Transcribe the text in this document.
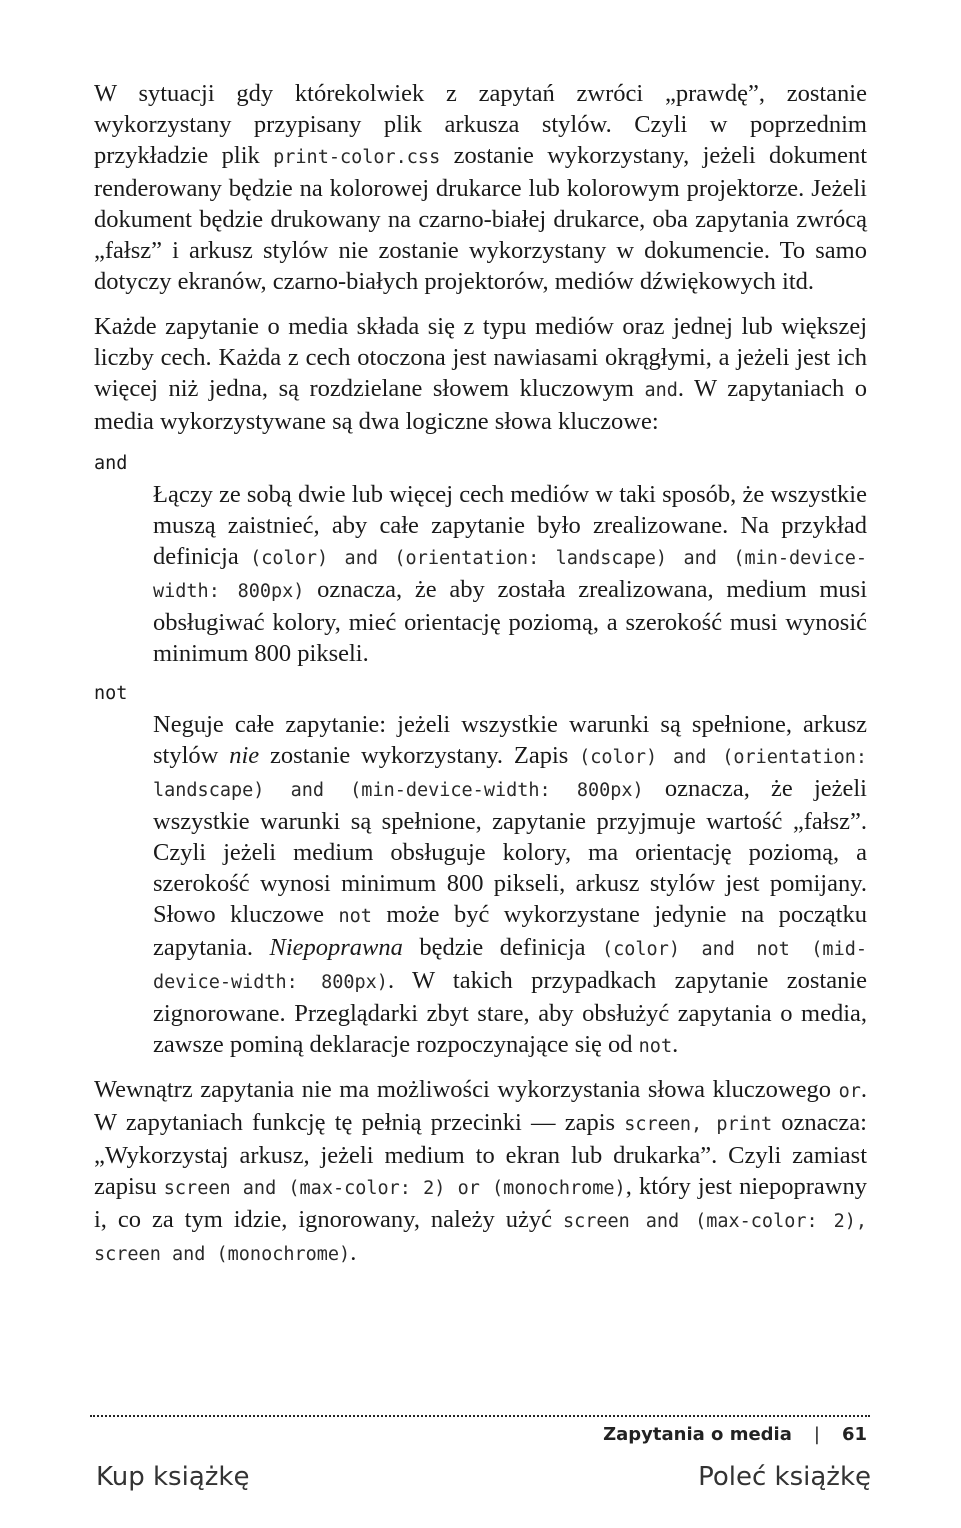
W sytuacji gdy którekolwiek z zapytań zwróci „prawdę”, zostanie wykorzystany przypisany plik arkusza stylów. Czyli w poprzednim przykładzie plik print-color.css zostanie wykorzystany, jeżeli dokument renderowany będzie na kolorowej drukarce lub kolorowym projektorze. Jeżeli dokument będzie drukowany na czarno-białej drukarce, oba zapytania zwrócą „fałsz” i arkusz stylów nie zostanie wykorzystany w dokumencie. To samo dotyczy ekranów, czarno-białych projektorów, mediów dźwiękowych itd.

Każde zapytanie o media składa się z typu mediów oraz jednej lub większej liczby cech. Każda z cech otoczona jest nawiasami okrągłymi, a jeżeli jest ich więcej niż jedna, są rozdzielane słowem kluczowym and. W zapytaniach o media wykorzystywane są dwa logiczne słowa kluczowe:

and

Łączy ze sobą dwie lub więcej cech mediów w taki sposób, że wszystkie muszą zaistnieć, aby całe zapytanie było zrealizowane. Na przykład definicja (color) and (orientation: landscape) and (min-device-width: 800px) oznacza, że aby została zrealizowana, medium musi obsługiwać kolory, mieć orientację poziomą, a szerokość musi wynosić minimum 800 pikseli.

not

Neguje całe zapytanie: jeżeli wszystkie warunki są spełnione, arkusz stylów nie zostanie wykorzystany. Zapis (color) and (orientation: landscape) and (min-device-width: 800px) oznacza, że jeżeli wszystkie warunki są spełnione, zapytanie przyjmuje wartość „fałsz”. Czyli jeżeli medium obsługuje kolory, ma orientację poziomą, a szerokość wynosi minimum 800 pikseli, arkusz stylów jest pomijany. Słowo kluczowe not może być wykorzystane jedynie na początku zapytania. Niepoprawna będzie definicja (color) and not (mid-device-width: 800px). W takich przypadkach zapytanie zostanie zignorowane. Przeglądarki zbyt stare, aby obsłużyć zapytania o media, zawsze pominą deklaracje rozpoczynające się od not.

Wewnątrz zapytania nie ma możliwości wykorzystania słowa kluczowego or. W zapytaniach funkcję tę pełnią przecinki — zapis screen, print oznacza: „Wykorzystaj arkusz, jeżeli medium to ekran lub drukarka”. Czyli zamiast zapisu screen and (max-color: 2) or (monochrome), który jest niepoprawny i, co za tym idzie, ignorowany, należy użyć screen and (max-color: 2), screen and (monochrome).

Zapytania o media | 61
Kup książkę	Poleć książkę
